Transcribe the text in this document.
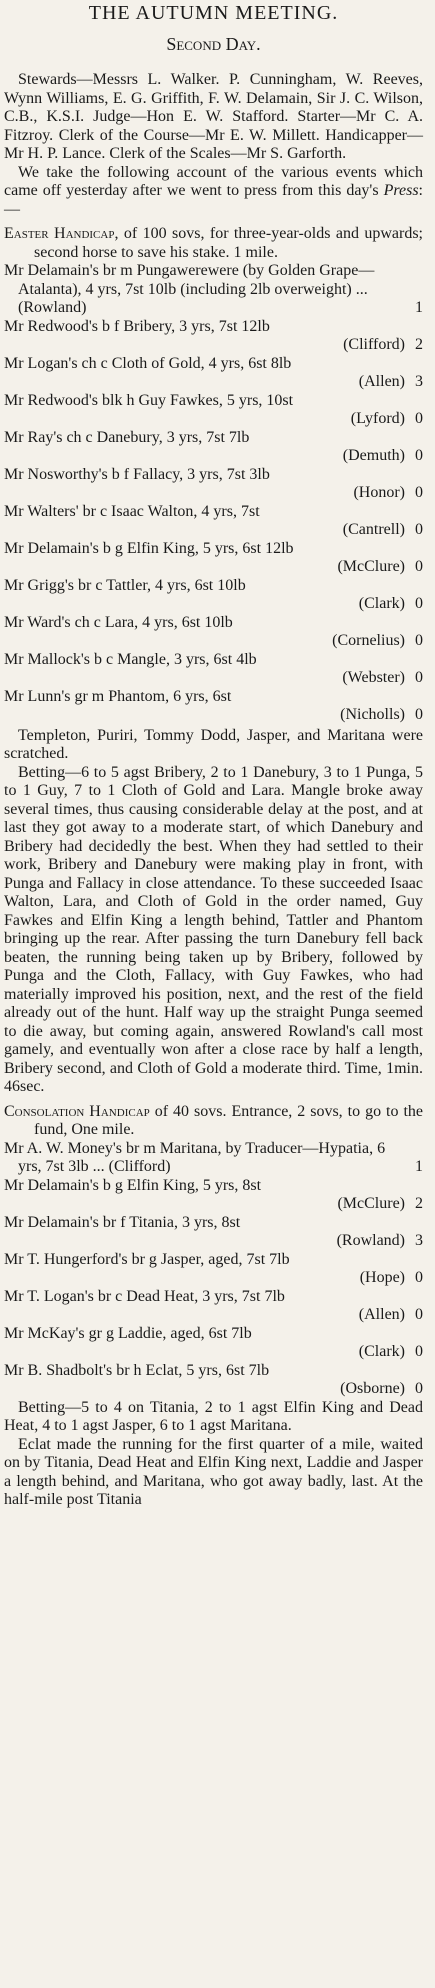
THE AUTUMN MEETING.
Second Day.

Stewards—Messrs L. Walker. P. Cunningham, W. Reeves, Wynn Williams, E. G. Griffith, F. W. Delamain, Sir J. C. Wilson, C.B., K.S.I. Judge—Hon E. W. Stafford. Starter—Mr C. A. Fitzroy. Clerk of the Course—Mr E. W. Millett. Handicapper—Mr H. P. Lance. Clerk of the Scales—Mr S. Garforth.

We take the following account of the various events which came off yesterday after we went to press from this day's Press:—

Easter Handicap, of 100 sovs, for three-year-olds and upwards; second horse to save his stake. 1 mile.

Mr Delamain's br m Pungawerewere (by Golden Grape—Atalanta), 4 yrs, 7st 10lb (including 2lb overweight) ... (Rowland)	1
Mr Redwood's b f Bribery, 3 yrs, 7st 12lb
(Clifford) 2
Mr Logan's ch c Cloth of Gold, 4 yrs, 6st 8lb
(Allen) 3
Mr Redwood's blk h Guy Fawkes, 5 yrs, 10st
(Lyford) 0
Mr Ray's ch c Danebury, 3 yrs, 7st 7lb
(Demuth) 0
Mr Nosworthy's b f Fallacy, 3 yrs, 7st 3lb
(Honor) 0
Mr Walters' br c Isaac Walton, 4 yrs, 7st
(Cantrell) 0
Mr Delamain's b g Elfin King, 5 yrs, 6st 12lb
(McClure) 0
Mr Grigg's br c Tattler, 4 yrs, 6st 10lb
(Clark) 0
Mr Ward's ch c Lara, 4 yrs, 6st 10lb
(Cornelius) 0
Mr Mallock's b c Mangle, 3 yrs, 6st 4lb
(Webster) 0
Mr Lunn's gr m Phantom, 6 yrs, 6st
(Nicholls) 0

Templeton, Puriri, Tommy Dodd, Jasper, and Maritana were scratched.

Betting—6 to 5 agst Bribery, 2 to 1 Danebury, 3 to 1 Punga, 5 to 1 Guy, 7 to 1 Cloth of Gold and Lara. Mangle broke away several times, thus causing considerable delay at the post, and at last they got away to a moderate start, of which Danebury and Bribery had decidedly the best. When they had settled to their work, Bribery and Danebury were making play in front, with Punga and Fallacy in close attendance. To these succeeded Isaac Walton, Lara, and Cloth of Gold in the order named, Guy Fawkes and Elfin King a length behind, Tattler and Phantom bringing up the rear. After passing the turn Danebury fell back beaten, the running being taken up by Bribery, followed by Punga and the Cloth, Fallacy, with Guy Fawkes, who had materially improved his position, next, and the rest of the field already out of the hunt. Half way up the straight Punga seemed to die away, but coming again, answered Rowland's call most gamely, and eventually won after a close race by half a length, Bribery second, and Cloth of Gold a moderate third. Time, 1min. 46sec.

Consolation Handicap of 40 sovs. Entrance, 2 sovs, to go to the fund, One mile.

Mr A. W. Money's br m Maritana, by Traducer—Hypatia, 6 yrs, 7st 3lb ... (Clifford)	1
Mr Delamain's b g Elfin King, 5 yrs, 8st
(McClure) 2
Mr Delamain's br f Titania, 3 yrs, 8st
(Rowland) 3
Mr T. Hungerford's br g Jasper, aged, 7st 7lb
(Hope) 0
Mr T. Logan's br c Dead Heat, 3 yrs, 7st 7lb
(Allen) 0
Mr McKay's gr g Laddie, aged, 6st 7lb
(Clark) 0
Mr B. Shadbolt's br h Eclat, 5 yrs, 6st 7lb
(Osborne) 0

Betting—5 to 4 on Titania, 2 to 1 agst Elfin King and Dead Heat, 4 to 1 agst Jasper, 6 to 1 agst Maritana.

Eclat made the running for the first quarter of a mile, waited on by Titania, Dead Heat and Elfin King next, Laddie and Jasper a length behind, and Maritana, who got away badly, last. At the half-mile post Titania
